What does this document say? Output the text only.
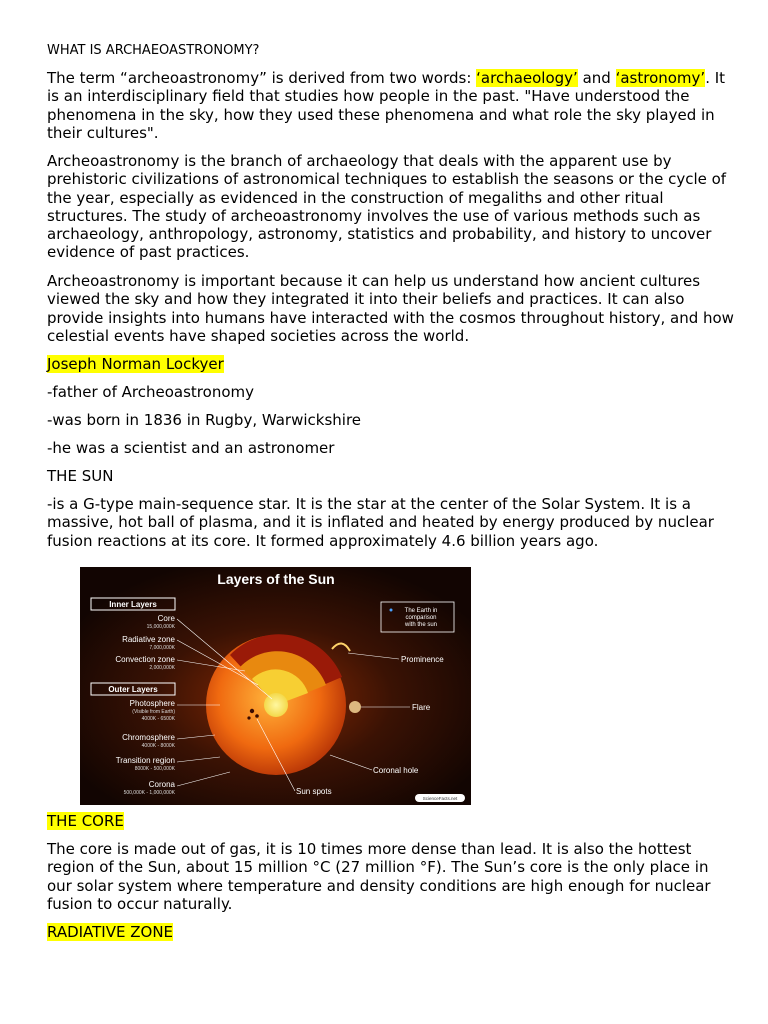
WHAT IS ARCHAEOASTRONOMY?
The term “archeoastronomy” is derived from two words: ‘archaeology’ and ‘astronomy’. It is an interdisciplinary field that studies how people in the past. "Have understood the phenomena in the sky, how they used these phenomena and what role the sky played in their cultures".
Archeoastronomy is the branch of archaeology that deals with the apparent use by prehistoric civilizations of astronomical techniques to establish the seasons or the cycle of the year, especially as evidenced in the construction of megaliths and other ritual structures. The study of archeoastronomy involves the use of various methods such as archaeology, anthropology, astronomy, statistics and probability, and history to uncover evidence of past practices.
Archeoastronomy is important because it can help us understand how ancient cultures viewed the sky and how they integrated it into their beliefs and practices. It can also provide insights into humans have interacted with the cosmos throughout history, and how celestial events have shaped societies across the world.
Joseph Norman Lockyer
-father of Archeoastronomy
-was born in 1836 in Rugby, Warwickshire
-he was a scientist and an astronomer
THE SUN
-is a G-type main-sequence star. It is the star at the center of the Solar System. It is a massive, hot ball of plasma, and it is inflated and heated by energy produced by nuclear fusion reactions at its core. It formed approximately 4.6 billion years ago.
Layers of the Sun
Inner Layers
Core
15,000,000K
Radiative zone
7,000,000K
Convection zone
2,000,000K
Outer Layers
Photosphere
(Visible from Earth)
4000K - 6500K
Chromosphere
4000K - 8000K
Transition region
8000K - 500,000K
Corona
500,000K - 1,000,000K
The Earth in
comparison
with the sun
Prominence
Flare
Coronal hole
Sun spots
ScienceFacts.net
THE CORE
The core is made out of gas, it is 10 times more dense than lead. It is also the hottest region of the Sun, about 15 million °C (27 million °F). The Sun’s core is the only place in our solar system where temperature and density conditions are high enough for nuclear fusion to occur naturally.
RADIATIVE ZONE
